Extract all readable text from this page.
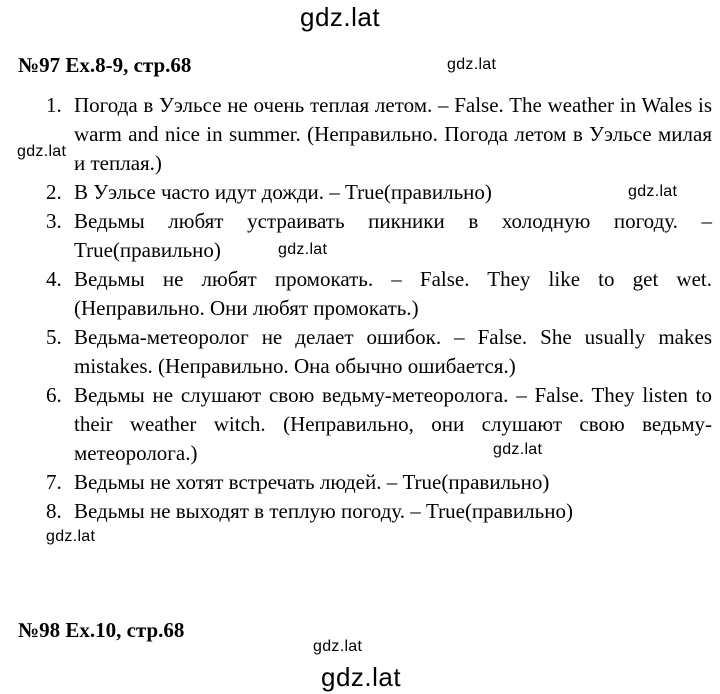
gdz.lat
gdz.lat
gdz.lat
gdz.lat
gdz.lat
gdz.lat
gdz.lat
gdz.lat
gdz.lat
№97 Ex.8-9, стр.68
1. Погода в Уэльсе не очень теплая летом. – False. The weather in Wales is warm and nice in summer. (Неправильно. Погода летом в Уэльсе милая и теплая.)
2. В Уэльсе часто идут дожди. – True(правильно)
3. Ведьмы любят устраивать пикники в холодную погоду. – True(правильно)
4. Ведьмы не любят промокать. – False. They like to get wet. (Неправильно. Они любят промокать.)
5. Ведьма-метеоролог не делает ошибок. – False. She usually makes mistakes. (Неправильно. Она обычно ошибается.)
6. Ведьмы не слушают свою ведьму-метеоролога. – False. They listen to their weather witch. (Неправильно, они слушают свою ведьму-метеоролога.)
7. Ведьмы не хотят встречать людей. – True(правильно)
8. Ведьмы не выходят в теплую погоду. – True(правильно)
№98 Ex.10, стр.68
